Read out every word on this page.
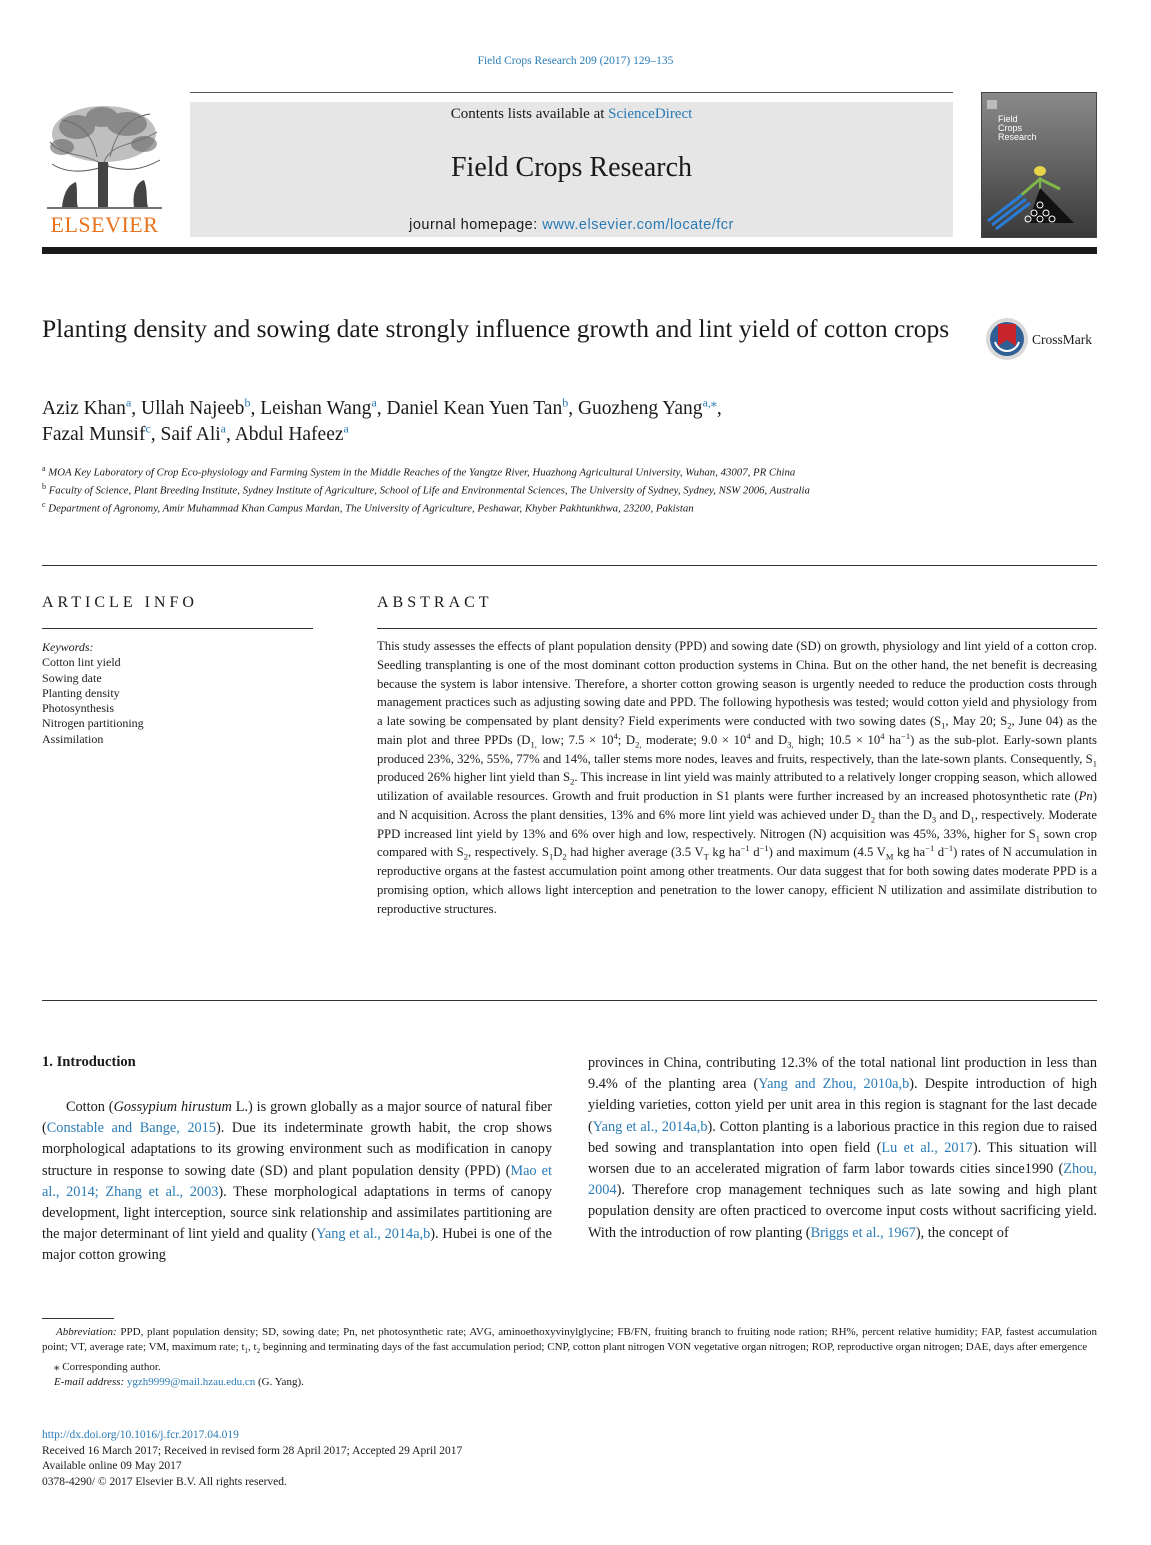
Field Crops Research 209 (2017) 129–135
ELSEVIER
Contents lists available at ScienceDirect
Field Crops Research
journal homepage: www.elsevier.com/locate/fcr
Field
Crops
Research
Planting density and sowing date strongly influence growth and lint yield of cotton crops	CrossMark
Aziz Khan$^a$, Ullah Najeeb$^b$, Leishan Wang$^a$, Daniel Kean Yuen Tan$^b$, Guozheng Yang$^{a,⁎}$,
Fazal Munsif$^c$, Saif Ali$^a$, Abdul Hafeez$^a$
$^a$ MOA Key Laboratory of Crop Eco-physiology and Farming System in the Middle Reaches of the Yangtze River, Huazhong Agricultural University, Wuhan, 43007, PR China
$^b$ Faculty of Science, Plant Breeding Institute, Sydney Institute of Agriculture, School of Life and Environmental Sciences, The University of Sydney, Sydney, NSW 2006, Australia
$^c$ Department of Agronomy, Amir Muhammad Khan Campus Mardan, The University of Agriculture, Peshawar, Khyber Pakhtunkhwa, 23200, Pakistan
ARTICLE INFO	ABSTRACT
Keywords:
Cotton lint yield
Sowing date
Planting density
Photosynthesis
Nitrogen partitioning
Assimilation
This study assesses the effects of plant population density (PPD) and sowing date (SD) on growth, physiology and lint yield of a cotton crop. Seedling transplanting is one of the most dominant cotton production systems in China. But on the other hand, the net benefit is decreasing because the system is labor intensive. Therefore, a shorter cotton growing season is urgently needed to reduce the production costs through management practices such as adjusting sowing date and PPD. The following hypothesis was tested; would cotton yield and physiology from a late sowing be compensated by plant density? Field experiments were conducted with two sowing dates ($S_1$, May 20; $S_2$, June 04) as the main plot and three PPDs ($D_{1,}$ low; $7.5 \times 10^4$; $D_{2,}$ moderate; $9.0 \times 10^4$ and $D_{3,}$ high; $10.5 \times 10^4$ $ha^{-1}$) as the sub-plot. Early-sown plants produced 23%, 32%, 55%, 77% and 14%, taller stems more nodes, leaves and fruits, respectively, than the late-sown plants. Consequently, $S_1$ produced 26% higher lint yield than $S_2$. This increase in lint yield was mainly attributed to a relatively longer cropping season, which allowed utilization of available resources. Growth and fruit production in S1 plants were further increased by an increased photosynthetic rate (Pn) and N acquisition. Across the plant densities, 13% and 6% more lint yield was achieved under $D_2$ than the $D_3$ and $D_1$, respectively. Moderate PPD increased lint yield by 13% and 6% over high and low, respectively. Nitrogen (N) acquisition was 45%, 33%, higher for $S_1$ sown crop compared with $S_2$, respectively. $S_1D_2$ had higher average (3.5 $V_T$ kg $ha^{-1}$ $d^{-1}$) and maximum (4.5 $V_M$ kg $ha^{-1}$ $d^{-1}$) rates of N accumulation in reproductive organs at the fastest accumulation point among other treatments. Our data suggest that for both sowing dates moderate PPD is a promising option, which allows light interception and penetration to the lower canopy, efficient N utilization and assimilate distribution to reproductive structures.
1. Introduction
Cotton (Gossypium hirustum L.) is grown globally as a major source of natural fiber (Constable and Bange, 2015). Due its indeterminate growth habit, the crop shows morphological adaptations to its growing environment such as modification in canopy structure in response to sowing date (SD) and plant population density (PPD) (Mao et al., 2014; Zhang et al., 2003). These morphological adaptations in terms of canopy development, light interception, source sink relationship and assimilates partitioning are the major determinant of lint yield and quality (Yang et al., 2014a,b). Hubei is one of the major cotton growing
provinces in China, contributing 12.3% of the total national lint production in less than 9.4% of the planting area (Yang and Zhou, 2010a,b). Despite introduction of high yielding varieties, cotton yield per unit area in this region is stagnant for the last decade (Yang et al., 2014a,b). Cotton planting is a laborious practice in this region due to raised bed sowing and transplantation into open field (Lu et al., 2017). This situation will worsen due to an accelerated migration of farm labor towards cities since1990 (Zhou, 2004). Therefore crop management techniques such as late sowing and high plant population density are often practiced to overcome input costs without sacrificing yield. With the introduction of row planting (Briggs et al., 1967), the concept of
Abbreviation: PPD, plant population density; SD, sowing date; Pn, net photosynthetic rate; AVG, aminoethoxyvinylglycine; FB/FN, fruiting branch to fruiting node ration; RH%, percent relative humidity; FAP, fastest accumulation point; VT, average rate; VM, maximum rate; $t_1$, $t_2$ beginning and terminating days of the fast accumulation period; CNP, cotton plant nitrogen VON vegetative organ nitrogen; ROP, reproductive organ nitrogen; DAE, days after emergence
⁎ Corresponding author.
E-mail address: ygzh9999@mail.hzau.edu.cn (G. Yang).
http://dx.doi.org/10.1016/j.fcr.2017.04.019
Received 16 March 2017; Received in revised form 28 April 2017; Accepted 29 April 2017
Available online 09 May 2017
0378-4290/ © 2017 Elsevier B.V. All rights reserved.
